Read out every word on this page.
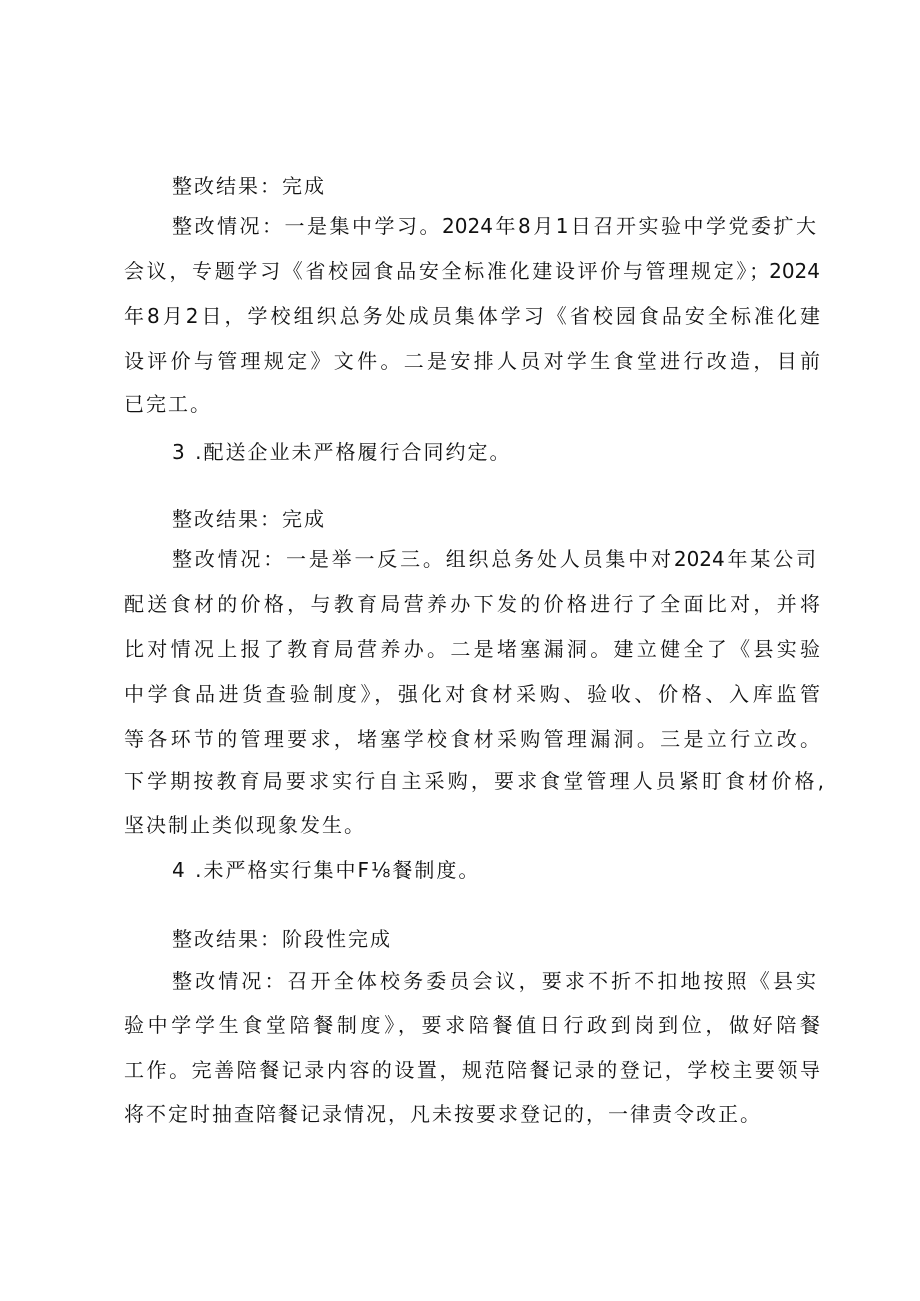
整改结果：完成

整改情况：一是集中学习。2024年8月1日召开实验中学党委扩大

会议，专题学习《省校园食品安全标准化建设评价与管理规定》；2024

年8月2日，学校组织总务处成员集体学习《省校园食品安全标准化建

设评价与管理规定》文件。二是安排人员对学生食堂进行改造，目前

已完工。

3 .配送企业未严格履行合同约定。

整改结果：完成

整改情况：一是举一反三。组织总务处人员集中对2024年某公司

配送食材的价格，与教育局营养办下发的价格进行了全面比对，并将

比对情况上报了教育局营养办。二是堵塞漏洞。建立健全了《县实验

中学食品进货查验制度》，强化对食材采购、验收、价格、入库监管

等各环节的管理要求，堵塞学校食材采购管理漏洞。三是立行立改。

下学期按教育局要求实行自主采购，要求食堂管理人员紧盯食材价格,

坚决制止类似现象发生。

4 .未严格实行集中F⅛餐制度。

整改结果：阶段性完成

整改情况：召开全体校务委员会议，要求不折不扣地按照《县实

验中学学生食堂陪餐制度》，要求陪餐值日行政到岗到位，做好陪餐

工作。完善陪餐记录内容的设置，规范陪餐记录的登记，学校主要领导

将不定时抽查陪餐记录情况，凡未按要求登记的，一律责令改正。
